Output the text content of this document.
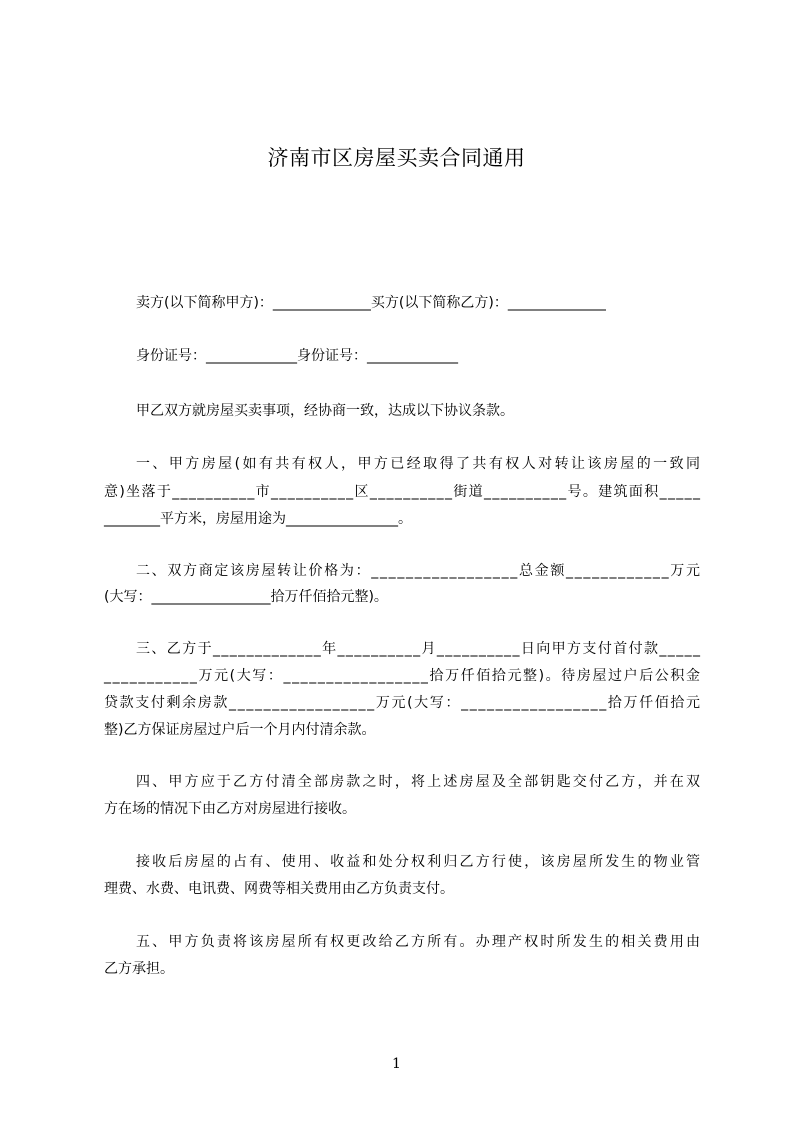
济南市区房屋买卖合同通用
卖方(以下简称甲方)：______________买方(以下简称乙方)：______________
身份证号：_____________身份证号：_____________
甲乙双方就房屋买卖事项，经协商一致，达成以下协议条款。
一、甲方房屋(如有共有权人，甲方已经取得了共有权人对转让该房屋的一致同
意)坐落于__________市__________区__________街道__________号。建筑面积_____
________平方米，房屋用途为________________。
二、双方商定该房屋转让价格为：_________________总金额____________万元
(大写：_________________拾万仟佰拾元整)。
三、乙方于_____________年__________月__________日向甲方支付首付款_____
___________万元(大写：_________________拾万仟佰拾元整)。待房屋过户后公积金
贷款支付剩余房款_________________万元(大写：_________________拾万仟佰拾元
整)乙方保证房屋过户后一个月内付清余款。
四、甲方应于乙方付清全部房款之时，将上述房屋及全部钥匙交付乙方，并在双
方在场的情况下由乙方对房屋进行接收。
接收后房屋的占有、使用、收益和处分权利归乙方行使，该房屋所发生的物业管
理费、水费、电讯费、网费等相关费用由乙方负责支付。
五、甲方负责将该房屋所有权更改给乙方所有。办理产权时所发生的相关费用由
乙方承担。
1
